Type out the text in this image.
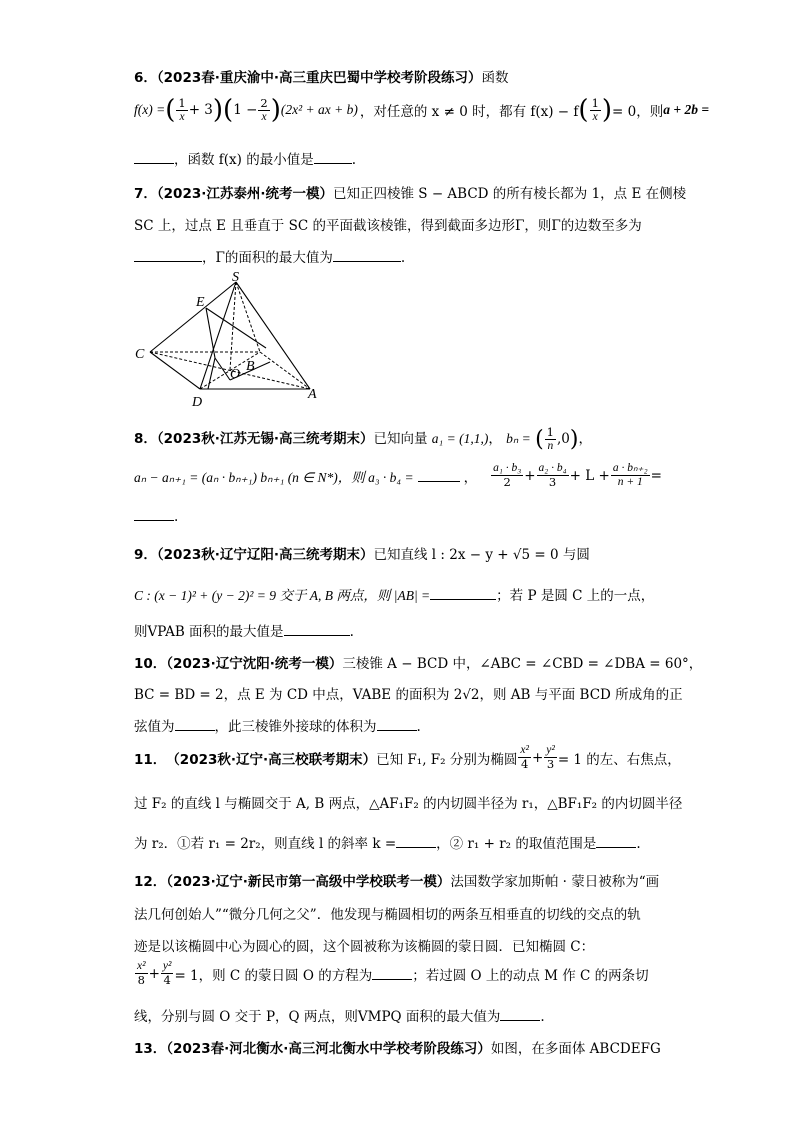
6．（2023春·重庆渝中·高三重庆巴蜀中学校考阶段练习）函数
f(x) = ( $\frac{1}{x} + 3$ )( $1 - \frac{2}{x}$ ) (2x² + ax + b) ，对任意的 x ≠ 0 时，都有 f(x) − f ( $\frac{1}{x}$ ) = 0，则 a + 2b =
，函数 f(x) 的最小值是	.
7．（2023·江苏泰州·统考一模）已知正四棱锥 S − ABCD 的所有棱长都为 1，点 E 在侧棱
SC 上，过点 E 且垂直于 SC 的平面截该棱锥，得到截面多边形Γ，则Γ的边数至多为
，Γ的面积的最大值为	.
S
E
C
O
B
D
A
8．（2023秋·江苏无锡·高三统考期末）已知向量 a₁ = (1,1,)， bₙ = ( $\frac{1}{n} ,0$)，
aₙ − aₙ₊₁ = (aₙ · bₙ₊₁) bₙ₊₁ (n ∈ N*)，则 a₃ · b₄ =	， $\frac{\text{a₁ · b₃}}{2} + \frac{\text{a₂ · b₄}}{3} + L + \frac{\text{a · bₙ₊₂}}{n + 1}$ =
.
9．（2023秋·辽宁辽阳·高三统考期末）已知直线 l : 2x − y + √5 = 0 与圆
C : (x − 1)² + (y − 2)² = 9 交于 A, B 两点，则 |AB| =	；若 P 是圆 C 上的一点，
则VPAB 面积的最大值是	.
10．（2023·辽宁沈阳·统考一模）三棱锥 A − BCD 中，∠ABC = ∠CBD = ∠DBA = 60°，
BC = BD = 2，点 E 为 CD 中点，VABE 的面积为 2√2，则 AB 与平面 BCD 所成角的正
弦值为	，此三棱锥外接球的体积为	.
11． （2023秋·辽宁·高三校联考期末） 已知 F₁, F₂ 分别为椭圆 $\frac{\text{x²}}{4} + \frac{\text{y²}}{3} = 1$ 的左、右焦点，
过 F₂ 的直线 l 与椭圆交于 A, B 两点，△AF₁F₂ 的内切圆半径为 r₁，△BF₁F₂ 的内切圆半径
为 r₂．①若 r₁ = 2r₂，则直线 l 的斜率 k =	，② r₁ + r₂ 的取值范围是	.
12．（2023·辽宁·新民市第一高级中学校联考一模）法国数学家加斯帕 · 蒙日被称为“画
法几何创始人”“微分几何之父”．他发现与椭圆相切的两条互相垂直的切线的交点的轨
迹是以该椭圆中心为圆心的圆，这个圆被称为该椭圆的蒙日圆．已知椭圆 C：
$\frac{\text{x²}}{8} + \frac{\text{y²}}{4} = 1$，则 C 的蒙日圆 O 的方程为	；若过圆 O 上的动点 M 作 C 的两条切
线，分别与圆 O 交于 P，Q 两点，则VMPQ 面积的最大值为	.
13．（2023春·河北衡水·高三河北衡水中学校考阶段练习）如图，在多面体 ABCDEFG
